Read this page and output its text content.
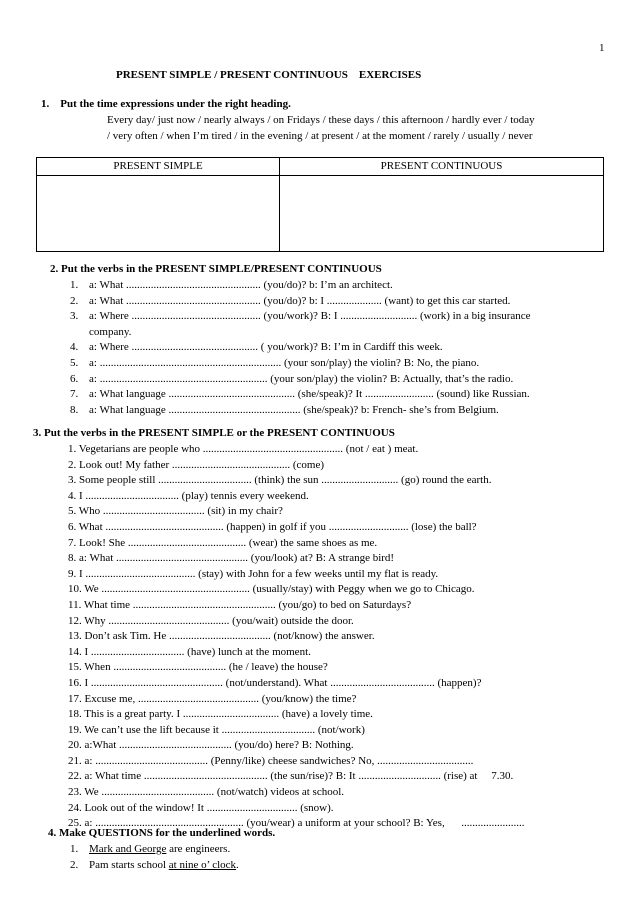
1
PRESENT SIMPLE / PRESENT CONTINUOUS    EXERCISES
1. Put the time expressions under the right heading.
Every day/ just now / nearly always / on Fridays / these days / this afternoon / hardly ever / today
/ very often / when I’m tired / in the evening / at present / at the moment / rarely / usually / never
PRESENT SIMPLE	PRESENT CONTINUOUS

2. Put the verbs in the PRESENT SIMPLE/PRESENT CONTINUOUS
1. a: What ................................................. (you/do)? b: I’m an architect.
2. a: What ................................................. (you/do)? b: I .................... (want) to get this car started.
3. a: Where ............................................... (you/work)? B: I ............................ (work) in a big insurance
company.
4. a: Where .............................................. ( you/work)? B: I’m in Cardiff this week.
5. a: .................................................................. (your son/play) the violin? B: No, the piano.
6. a: ............................................................. (your son/play) the violin? B: Actually, that’s the radio.
7. a: What language .............................................. (she/speak)? It ......................... (sound) like Russian.
8. a: What language ................................................ (she/speak)? b: French- she’s from Belgium.
3. Put the verbs in the PRESENT SIMPLE or the PRESENT CONTINUOUS
1. Vegetarians are people who ................................................... (not / eat ) meat.
2. Look out! My father ........................................... (come)
3. Some people still .................................. (think) the sun ............................ (go) round the earth.
4. I .................................. (play) tennis every weekend.
5. Who ..................................... (sit) in my chair?
6. What ........................................... (happen) in golf if you ............................. (lose) the ball?
7. Look! She ........................................... (wear) the same shoes as me.
8. a: What ................................................ (you/look) at? B: A strange bird!
9. I ........................................ (stay) with John for a few weeks until my flat is ready.
10. We ...................................................... (usually/stay) with Peggy when we go to Chicago.
11. What time .................................................... (you/go) to bed on Saturdays?
12. Why ............................................ (you/wait) outside the door.
13. Don’t ask Tim. He ..................................... (not/know) the answer.
14. I .................................. (have) lunch at the moment.
15. When ......................................... (he / leave) the house?
16. I ................................................ (not/understand). What ...................................... (happen)?
17. Excuse me, ............................................ (you/know) the time?
18. This is a great party. I ................................... (have) a lovely time.
19. We can’t use the lift because it .................................. (not/work)
20. a:What ......................................... (you/do) here? B: Nothing.
21. a: ......................................... (Penny/like) cheese sandwiches? No, ...................................
22. a: What time ............................................. (the sun/rise)? B: It .............................. (rise) at     7.30.
23. We ......................................... (not/watch) videos at school.
24. Look out of the window! It ................................. (snow).
25. a: ...................................................... (you/wear) a uniform at your school? B: Yes,      .......................
4. Make QUESTIONS for the underlined words.
1. Mark and George are engineers.
2. Pam starts school at nine o’ clock.
